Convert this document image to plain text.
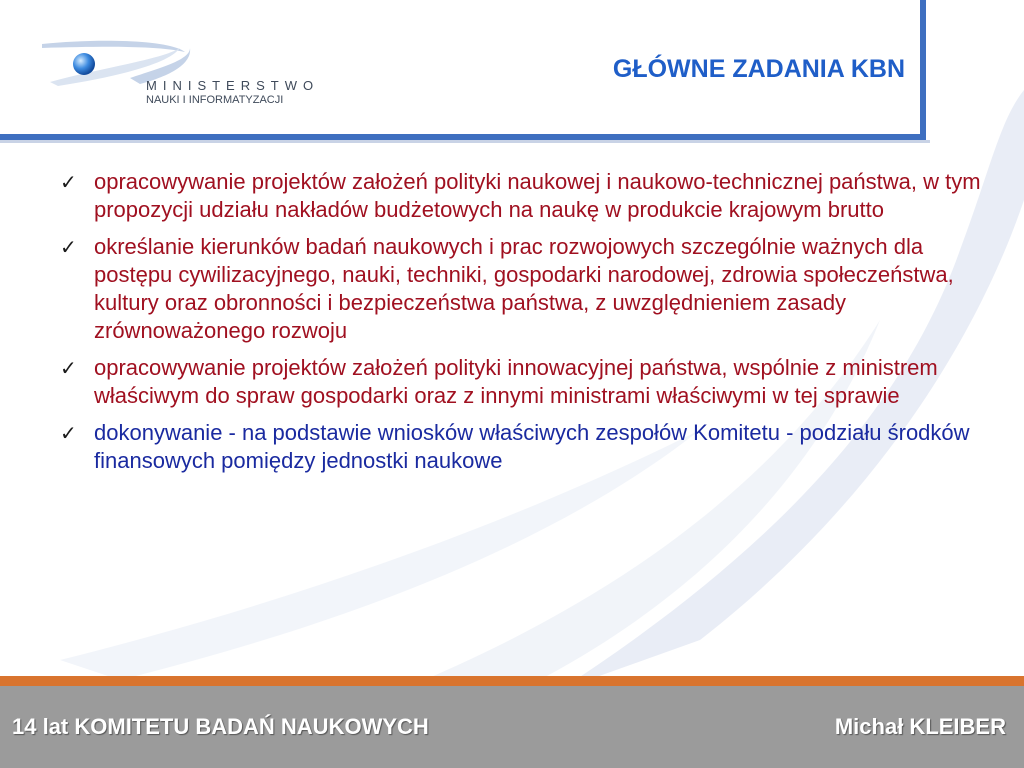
MINISTERSTWO
NAUKI I INFORMATYZACJI
GŁÓWNE ZADANIA KBN
✓ opracowywanie projektów założeń polityki naukowej i naukowo-technicznej państwa, w tym propozycji udziału nakładów budżetowych na naukę w produkcie krajowym brutto
✓ określanie kierunków badań naukowych i prac rozwojowych szczególnie ważnych dla postępu cywilizacyjnego, nauki, techniki, gospodarki narodowej, zdrowia społeczeństwa, kultury oraz obronności i bezpieczeństwa państwa, z uwzględnieniem zasady zrównoważonego rozwoju
✓ opracowywanie projektów założeń polityki innowacyjnej państwa, wspólnie z ministrem właściwym do spraw gospodarki oraz z innymi ministrami właściwymi w tej sprawie
✓ dokonywanie - na podstawie wniosków właściwych zespołów Komitetu - podziału środków finansowych pomiędzy jednostki naukowe
14 lat KOMITETU BADAŃ NAUKOWYCH	Michał KLEIBER
